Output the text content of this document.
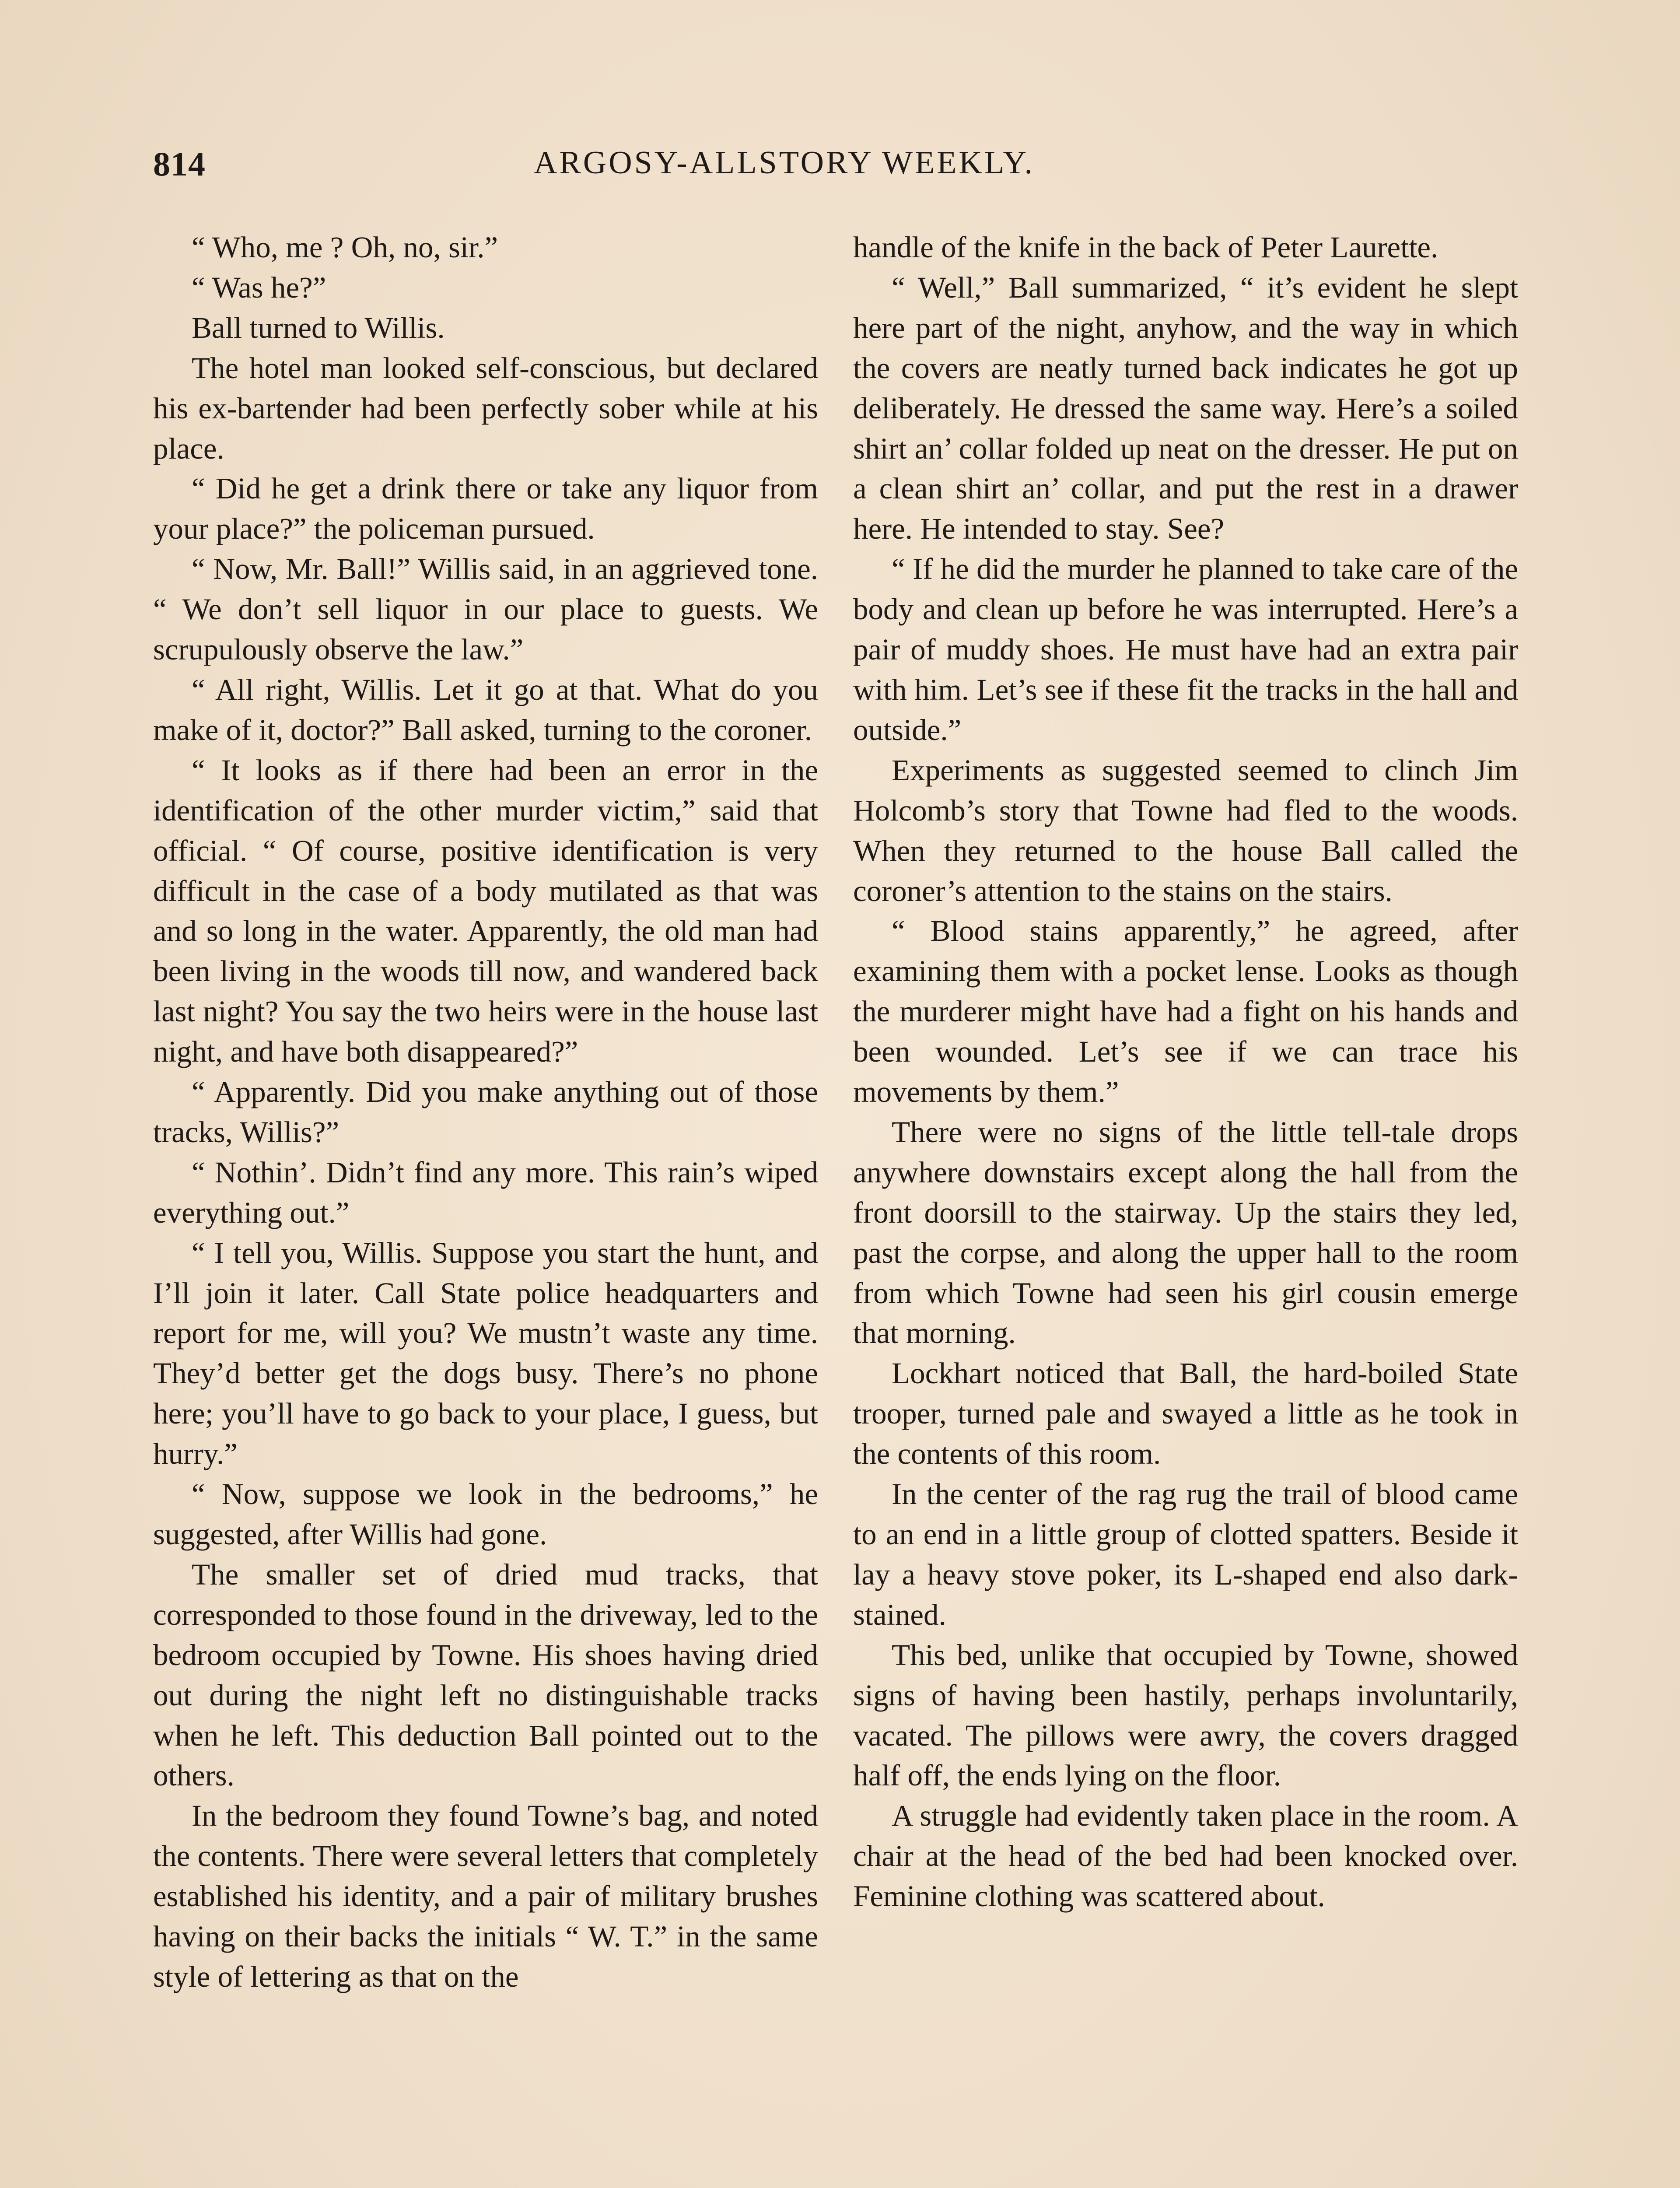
814	ARGOSY-ALLSTORY WEEKLY.

“ Who, me ? Oh, no, sir.”

“ Was he?”

Ball turned to Willis.

The hotel man looked self-conscious, but declared his ex-bartender had been perfectly sober while at his place.

“ Did he get a drink there or take any liquor from your place?” the policeman pursued.

“ Now, Mr. Ball!” Willis said, in an aggrieved tone. “ We don’t sell liquor in our place to guests. We scrupulously observe the law.”

“ All right, Willis. Let it go at that. What do you make of it, doctor?” Ball asked, turning to the coroner.

“ It looks as if there had been an error in the identification of the other murder victim,” said that official. “ Of course, positive identification is very difficult in the case of a body mutilated as that was and so long in the water. Apparently, the old man had been living in the woods till now, and wandered back last night? You say the two heirs were in the house last night, and have both disappeared?”

“ Apparently. Did you make anything out of those tracks, Willis?”

“ Nothin’. Didn’t find any more. This rain’s wiped everything out.”

“ I tell you, Willis. Suppose you start the hunt, and I’ll join it later. Call State police headquarters and report for me, will you? We mustn’t waste any time. They’d better get the dogs busy. There’s no phone here; you’ll have to go back to your place, I guess, but hurry.”

“ Now, suppose we look in the bedrooms,” he suggested, after Willis had gone.

The smaller set of dried mud tracks, that corresponded to those found in the driveway, led to the bedroom occupied by Towne. His shoes having dried out during the night left no distinguishable tracks when he left. This deduction Ball pointed out to the others.

In the bedroom they found Towne’s bag, and noted the contents. There were several letters that completely established his identity, and a pair of military brushes having on their backs the initials “ W. T.” in the same style of lettering as that on the

handle of the knife in the back of Peter Laurette.

“ Well,” Ball summarized, “ it’s evident he slept here part of the night, anyhow, and the way in which the covers are neatly turned back indicates he got up deliberately. He dressed the same way. Here’s a soiled shirt an’ collar folded up neat on the dresser. He put on a clean shirt an’ collar, and put the rest in a drawer here. He intended to stay. See?

“ If he did the murder he planned to take care of the body and clean up before he was interrupted. Here’s a pair of muddy shoes. He must have had an extra pair with him. Let’s see if these fit the tracks in the hall and outside.”

Experiments as suggested seemed to clinch Jim Holcomb’s story that Towne had fled to the woods. When they returned to the house Ball called the coroner’s attention to the stains on the stairs.

“ Blood stains apparently,” he agreed, after examining them with a pocket lense. Looks as though the murderer might have had a fight on his hands and been wounded. Let’s see if we can trace his movements by them.”

There were no signs of the little tell-tale drops anywhere downstairs except along the hall from the front doorsill to the stairway. Up the stairs they led, past the corpse, and along the upper hall to the room from which Towne had seen his girl cousin emerge that morning.

Lockhart noticed that Ball, the hard-boiled State trooper, turned pale and swayed a little as he took in the contents of this room.

In the center of the rag rug the trail of blood came to an end in a little group of clotted spatters. Beside it lay a heavy stove poker, its L-shaped end also dark-stained.

This bed, unlike that occupied by Towne, showed signs of having been hastily, perhaps involuntarily, vacated. The pillows were awry, the covers dragged half off, the ends lying on the floor.

A struggle had evidently taken place in the room. A chair at the head of the bed had been knocked over. Feminine clothing was scattered about.
